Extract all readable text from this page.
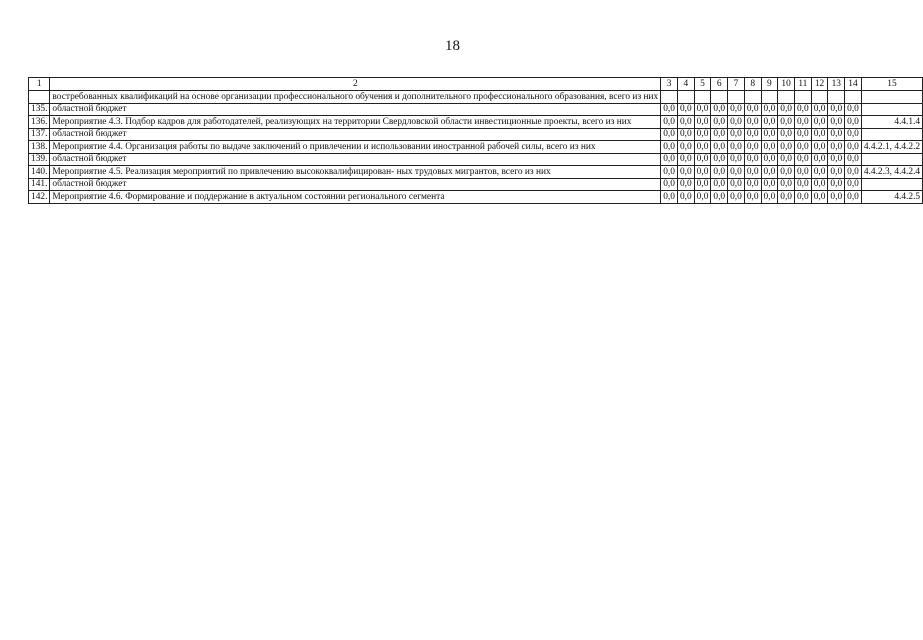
18
1	2	3	4	5	6	7	8	9	10	11	12	13	14	15
	востребованных квалификаций на основе организации профессионального обучения и дополнительного профессионального образования, всего из них													
135.	областной бюджет	0,0	0,0	0,0	0,0	0,0	0,0	0,0	0,0	0,0	0,0	0,0	0,0	
136.	Мероприятие 4.3. Подбор кадров для работодателей, реализующих на территории Свердловской области инвестиционные проекты, всего из них	0,0	0,0	0,0	0,0	0,0	0,0	0,0	0,0	0,0	0,0	0,0	0,0	4.4.1.4
137.	областной бюджет	0,0	0,0	0,0	0,0	0,0	0,0	0,0	0,0	0,0	0,0	0,0	0,0	
138.	Мероприятие 4.4. Организация работы по выдаче заключений о привлечении и использовании иностранной рабочей силы, всего из них	0,0	0,0	0,0	0,0	0,0	0,0	0,0	0,0	0,0	0,0	0,0	0,0	4.4.2.1, 4.4.2.2
139.	областной бюджет	0,0	0,0	0,0	0,0	0,0	0,0	0,0	0,0	0,0	0,0	0,0	0,0	
140.	Мероприятие 4.5. Реализация мероприятий по привлечению высококвалифицирован- ных трудовых мигрантов, всего из них	0,0	0,0	0,0	0,0	0,0	0,0	0,0	0,0	0,0	0,0	0,0	0,0	4.4.2.3, 4.4.2.4
141.	областной бюджет	0,0	0,0	0,0	0,0	0,0	0,0	0,0	0,0	0,0	0,0	0,0	0,0	
142.	Мероприятие 4.6. Формирование и поддержание в актуальном состоянии регионального сегмента	0,0	0,0	0,0	0,0	0,0	0,0	0,0	0,0	0,0	0,0	0,0	0,0	4.4.2.5
